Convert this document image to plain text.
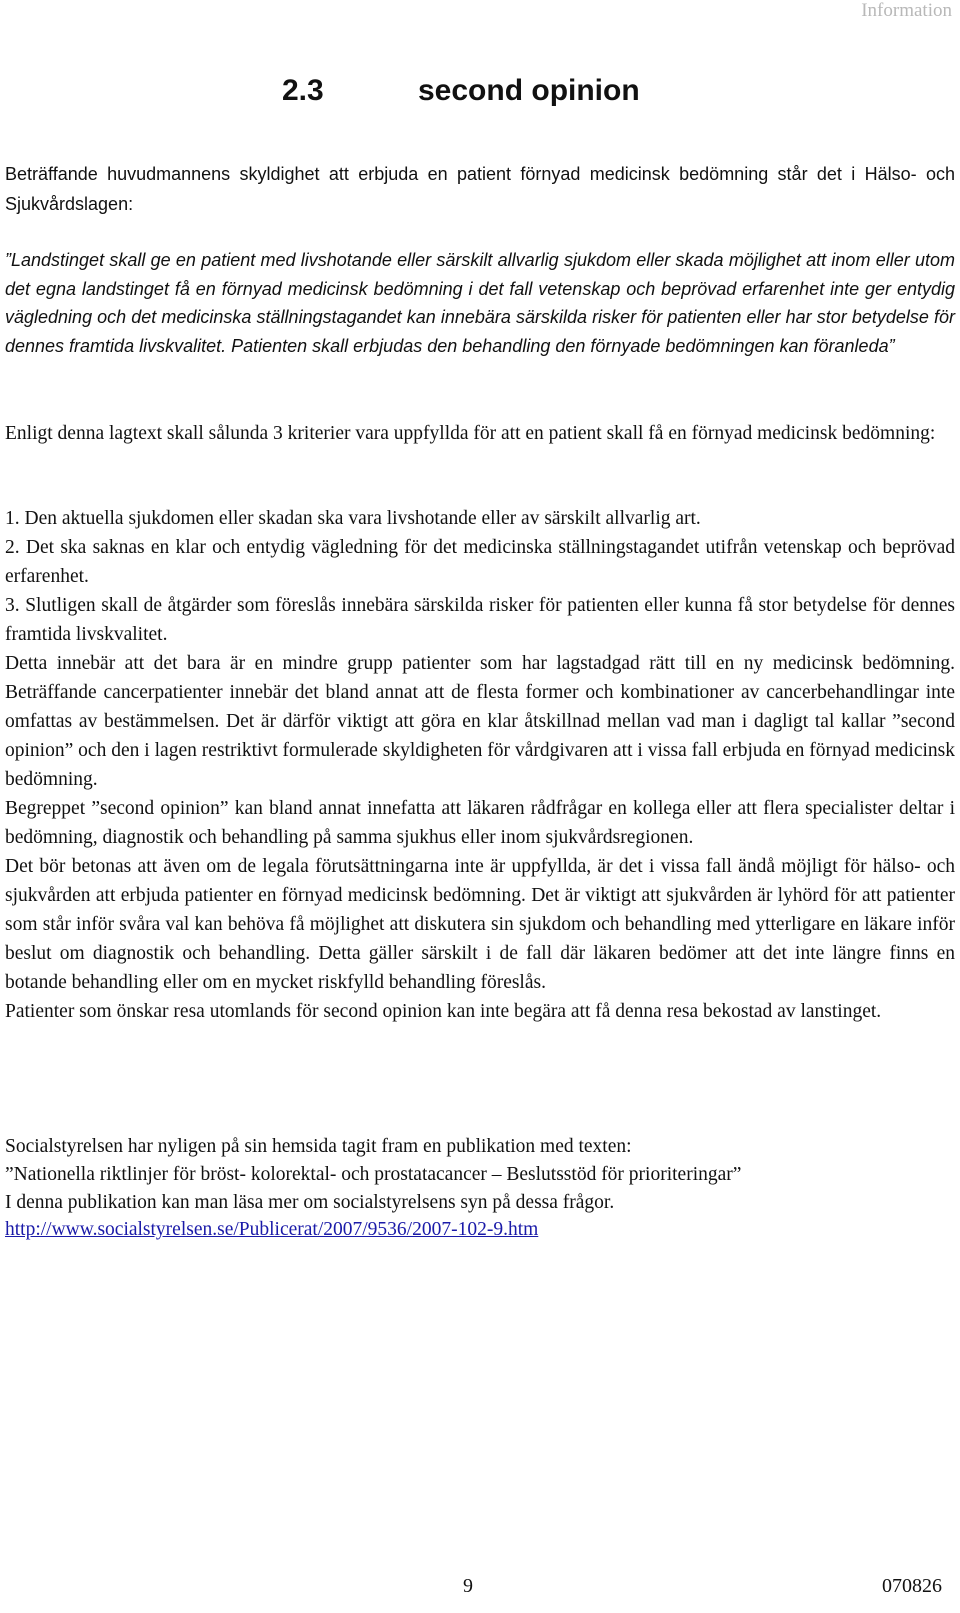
Information
2.3	second opinion
Beträffande huvudmannens skyldighet att erbjuda en patient förnyad medicinsk bedömning står det i Hälso- och Sjukvårdslagen:
”Landstinget skall ge en patient med livshotande eller särskilt allvarlig sjukdom eller skada möjlighet att inom eller utom det egna landstinget få en förnyad medicinsk bedömning i det fall vetenskap och beprövad erfarenhet inte ger entydig vägledning och det medicinska ställningstagandet kan innebära särskilda risker för patienten eller har stor betydelse för dennes framtida livskvalitet. Patienten skall erbjudas den behandling den förnyade bedömningen kan föranleda”
Enligt denna lagtext skall sålunda 3 kriterier vara uppfyllda för att en patient skall få en förnyad medicinsk bedömning:

1. Den aktuella sjukdomen eller skadan ska vara livshotande eller av särskilt allvarlig art.

2. Det ska saknas en klar och entydig vägledning för det medicinska ställningstagandet utifrån vetenskap och beprövad erfarenhet.

3. Slutligen skall de åtgärder som föreslås innebära särskilda risker för patienten eller kunna få stor betydelse för dennes framtida livskvalitet.

Detta innebär att det bara är en mindre grupp patienter som har lagstadgad rätt till en ny medicinsk bedömning. Beträffande cancerpatienter innebär det bland annat att de flesta former och kombinationer av cancerbehandlingar inte omfattas av bestämmelsen. Det är därför viktigt att göra en klar åtskillnad mellan vad man i dagligt tal kallar ”second opinion” och den i lagen restriktivt formulerade skyldigheten för vårdgivaren att i vissa fall erbjuda en förnyad medicinsk bedömning.

Begreppet ”second opinion” kan bland annat innefatta att läkaren rådfrågar en kollega eller att flera specialister deltar i bedömning, diagnostik och behandling på samma sjukhus eller inom sjukvårdsregionen.

Det bör betonas att även om de legala förutsättningarna inte är uppfyllda, är det i vissa fall ändå möjligt för hälso- och sjukvården att erbjuda patienter en förnyad medicinsk bedömning. Det är viktigt att sjukvården är lyhörd för att patienter som står inför svåra val kan behöva få möjlighet att diskutera sin sjukdom och behandling med ytterligare en läkare inför beslut om diagnostik och behandling. Detta gäller särskilt i de fall där läkaren bedömer att det inte längre finns en botande behandling eller om en mycket riskfylld behandling föreslås.

Patienter som önskar resa utomlands för second opinion kan inte begära att få denna resa bekostad av lanstinget.

Socialstyrelsen har nyligen på sin hemsida tagit fram en publikation med texten:

”Nationella riktlinjer för bröst- kolorektal- och prostatacancer – Beslutsstöd för prioriteringar”

I denna publikation kan man läsa mer om socialstyrelsens syn på dessa frågor.

http://www.socialstyrelsen.se/Publicerat/2007/9536/2007-102-9.htm

9	070826
